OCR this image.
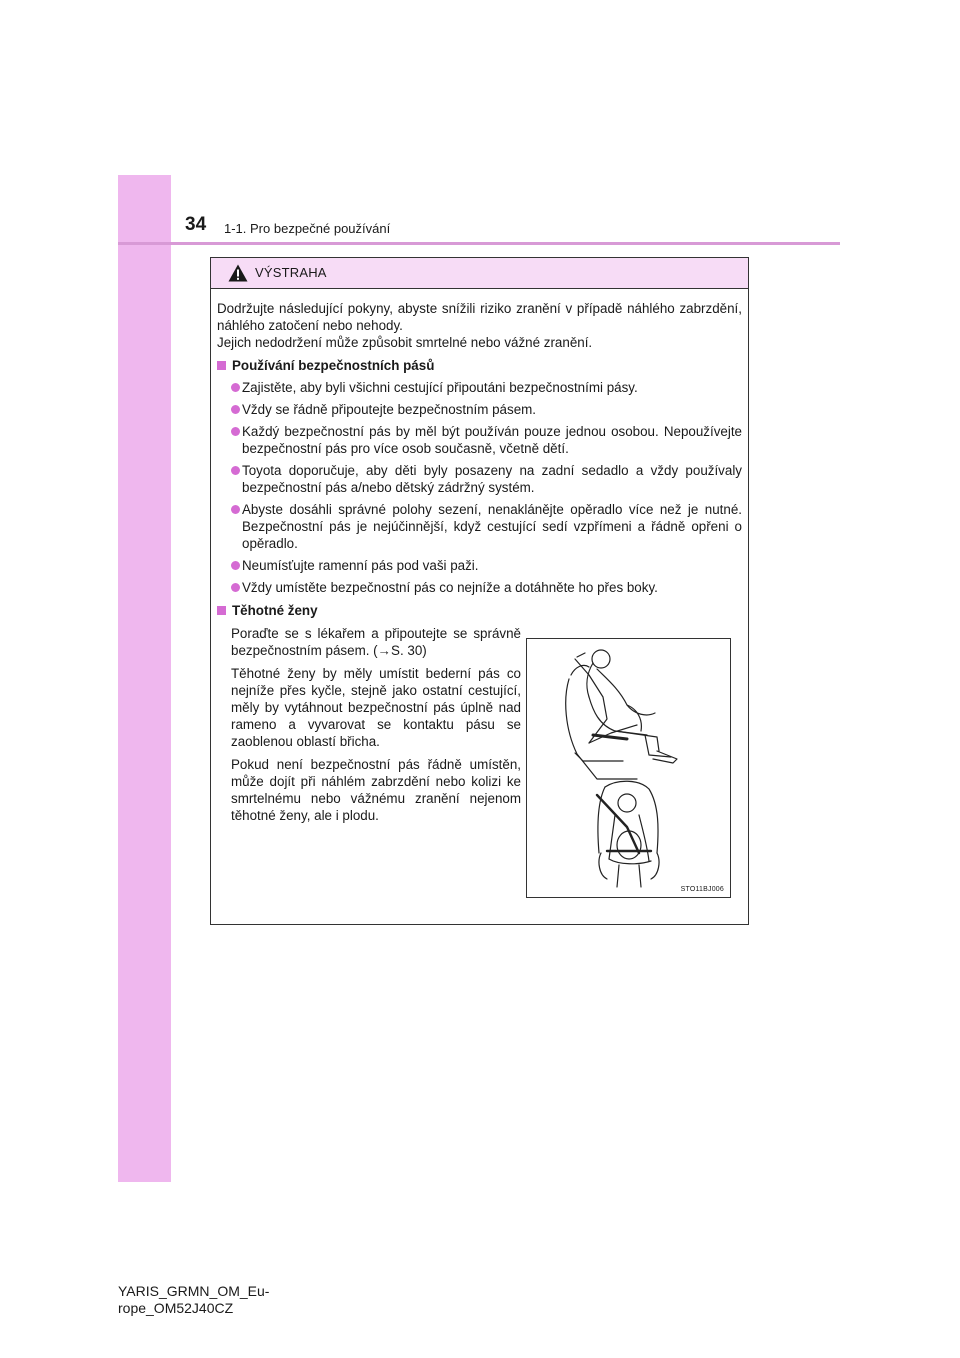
34 1-1. Pro bezpečné používání
VÝSTRAHA

Dodržujte následující pokyny, abyste snížili riziko zranění v případě náhlého zabrzdění, náhlého zatočení nebo nehody.

Jejich nedodržení může způsobit smrtelné nebo vážné zranění.

Používání bezpečnostních pásů
Zajistěte, aby byli všichni cestující připoutáni bezpečnostními pásy.
Vždy se řádně připoutejte bezpečnostním pásem.
Každý bezpečnostní pás by měl být používán pouze jednou osobou. Nepoužívejte bezpečnostní pás pro více osob současně, včetně dětí.
Toyota doporučuje, aby děti byly posazeny na zadní sedadlo a vždy používaly bezpečnostní pás a/nebo dětský zádržný systém.
Abyste dosáhli správné polohy sezení, nenaklánějte opěradlo více než je nutné. Bezpečnostní pás je nejúčinnější, když cestující sedí vzpřímeni a řádně opřeni o opěradlo.
Neumísťujte ramenní pás pod vaši paži.
Vždy umístěte bezpečnostní pás co nejníže a dotáhněte ho přes boky.
Těhotné ženy

Poraďte se s lékařem a připoutejte se správně bezpečnostním pásem. (→S. 30)

Těhotné ženy by měly umístit bederní pás co nejníže přes kyčle, stejně jako ostatní cestující, měly by vytáhnout bezpečnostní pás úplně nad rameno a vyvarovat se kontaktu pásu se zaoblenou oblastí břicha.

Pokud není bezpečnostní pás řádně umístěn, může dojít při náhlém zabrzdění nebo kolizi ke smrtelnému nebo vážnému zranění nejenom těhotné ženy, ale i plodu.

STO11BJ006
YARIS_GRMN_OM_Eu-
rope_OM52J40CZ
